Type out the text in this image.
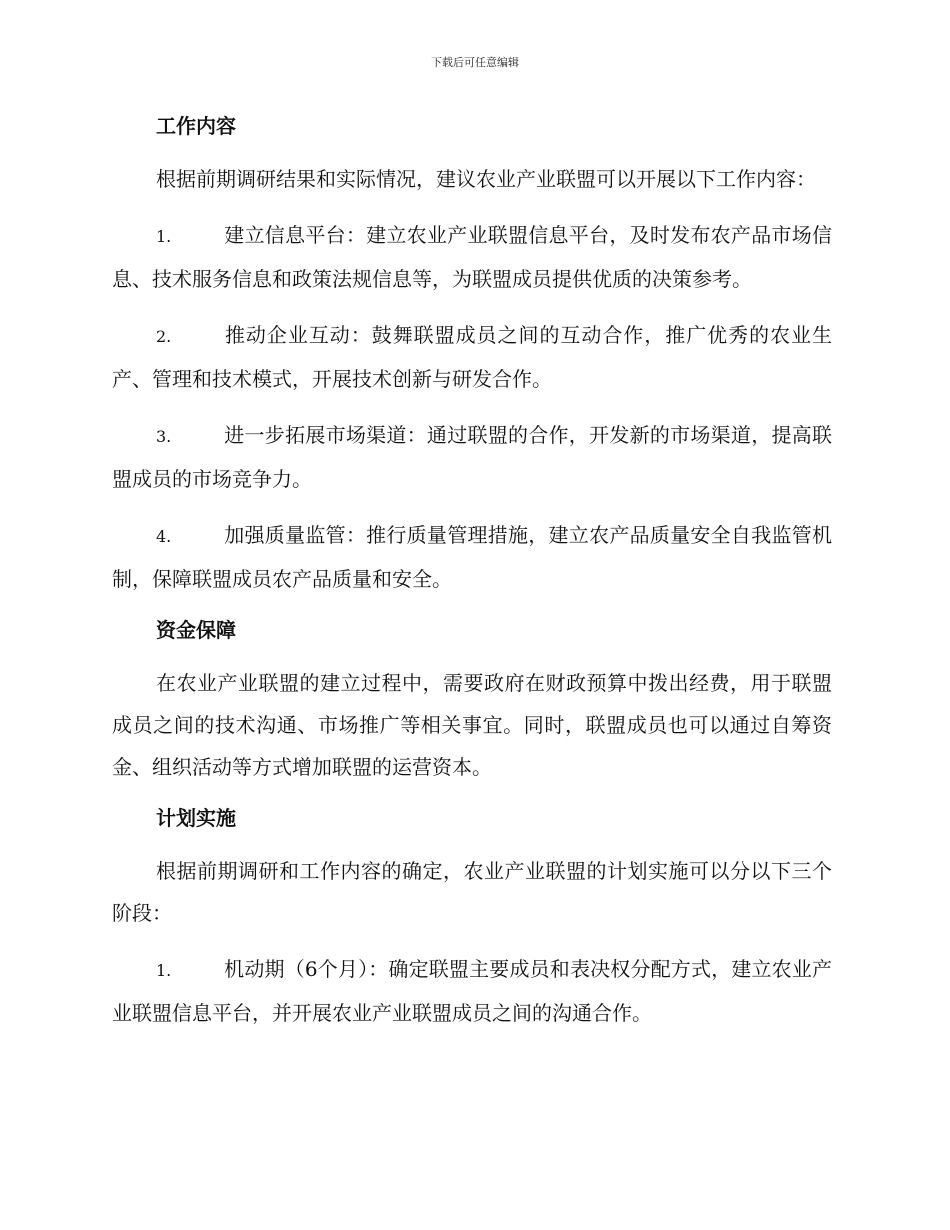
下载后可任意编辑
工作内容

根据前期调研结果和实际情况，建议农业产业联盟可以开展以下工作内容：

1.	建立信息平台：建立农业产业联盟信息平台，及时发布农产品市场信息、技术服务信息和政策法规信息等，为联盟成员提供优质的决策参考。

2.	推动企业互动：鼓舞联盟成员之间的互动合作，推广优秀的农业生产、管理和技术模式，开展技术创新与研发合作。

3.	进一步拓展市场渠道：通过联盟的合作，开发新的市场渠道，提高联盟成员的市场竞争力。

4.	加强质量监管：推行质量管理措施，建立农产品质量安全自我监管机制，保障联盟成员农产品质量和安全。

资金保障

在农业产业联盟的建立过程中，需要政府在财政预算中拨出经费，用于联盟成员之间的技术沟通、市场推广等相关事宜。同时，联盟成员也可以通过自筹资金、组织活动等方式增加联盟的运营资本。

计划实施

根据前期调研和工作内容的确定，农业产业联盟的计划实施可以分以下三个阶段：

1.	机动期（6个月）：确定联盟主要成员和表决权分配方式，建立农业产业联盟信息平台，并开展农业产业联盟成员之间的沟通合作。
